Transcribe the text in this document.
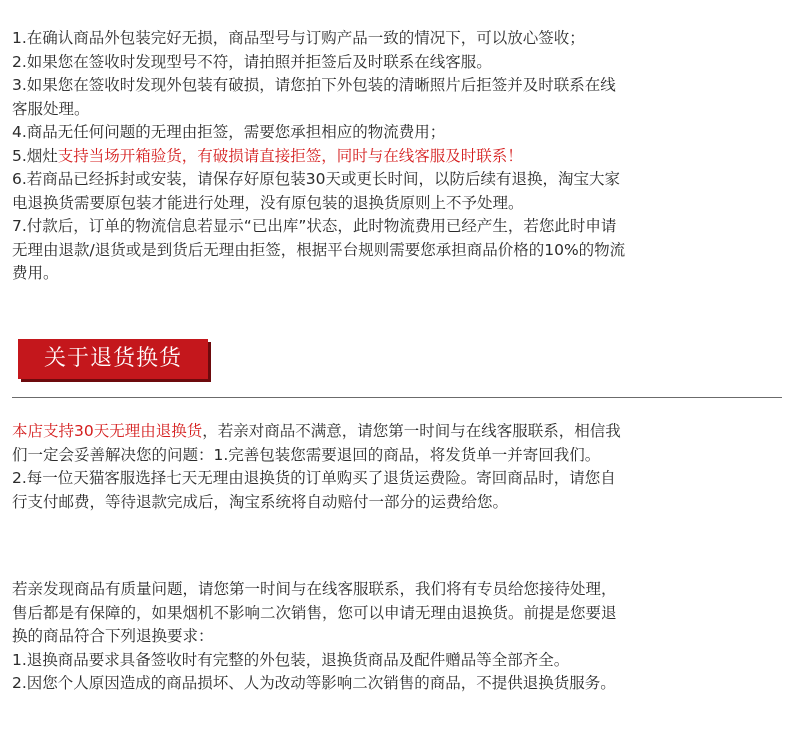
1.在确认商品外包装完好无损，商品型号与订购产品一致的情况下，可以放心签收；
2.如果您在签收时发现型号不符，请拍照并拒签后及时联系在线客服。
3.如果您在签收时发现外包装有破损，请您拍下外包装的清晰照片后拒签并及时联系在线
客服处理。
4.商品无任何问题的无理由拒签，需要您承担相应的物流费用；
5.烟灶支持当场开箱验货，有破损请直接拒签，同时与在线客服及时联系！
6.若商品已经拆封或安装，请保存好原包装30天或更长时间，以防后续有退换，淘宝大家
电退换货需要原包装才能进行处理，没有原包装的退换货原则上不予处理。
7.付款后，订单的物流信息若显示“已出库”状态，此时物流费用已经产生，若您此时申请
无理由退款/退货或是到货后无理由拒签，根据平台规则需要您承担商品价格的10%的物流
费用。
关于退货换货
本店支持30天无理由退换货，若亲对商品不满意，请您第一时间与在线客服联系，相信我
们一定会妥善解决您的问题：1.完善包装您需要退回的商品，将发货单一并寄回我们。
2.每一位天猫客服选择七天无理由退换货的订单购买了退货运费险。寄回商品时，请您自
行支付邮费，等待退款完成后，淘宝系统将自动赔付一部分的运费给您。
若亲发现商品有质量问题，请您第一时间与在线客服联系，我们将有专员给您接待处理，
售后都是有保障的，如果烟机不影响二次销售，您可以申请无理由退换货。前提是您要退
换的商品符合下列退换要求：
1.退换商品要求具备签收时有完整的外包装，退换货商品及配件赠品等全部齐全。
2.因您个人原因造成的商品损坏、人为改动等影响二次销售的商品，不提供退换货服务。
